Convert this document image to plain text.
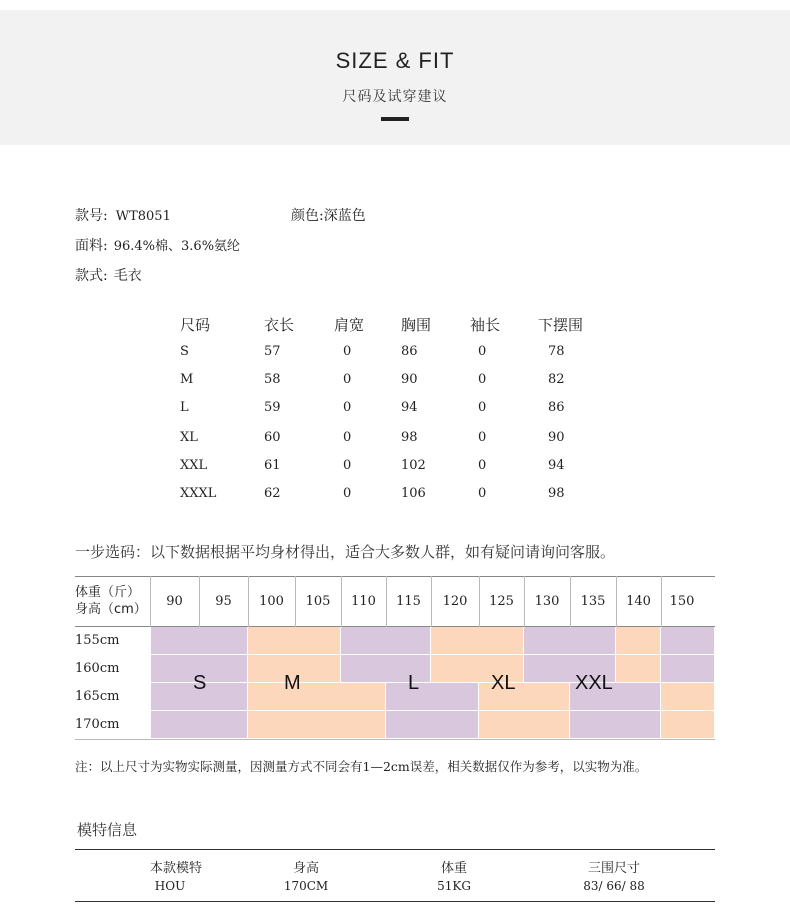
SIZE & FIT
尺码及试穿建议
款号: WT8051	颜色:深蓝色
面料: 96.4%棉、3.6%氨纶
款式: 毛衣
尺码	衣长	肩宽 胸围	袖长	下摆围
S	57	0	86	0	78
M	58	0	90	0	82
L	59	0	94	0	86
XL	60	0	98	0	90
XXL	61	0	102	0	94
XXXL	62	0	106	0	98
一步选码：以下数据根据平均身材得出，适合大多数人群，如有疑问请询问客服。
体重（斤）
身高（cm）
90	95	100	105	110	115	120	125	130	135	140	150
155cm
160cm
165cm
170cm
S	M	L	XL	XXL
注：以上尺寸为实物实际测量，因测量方式不同会有1—2cm误差，相关数据仅作为参考，以实物为准。
模特信息
本款模特	身高	体重	三围尺寸
HOU	170CM	51KG	83/ 66/ 88
